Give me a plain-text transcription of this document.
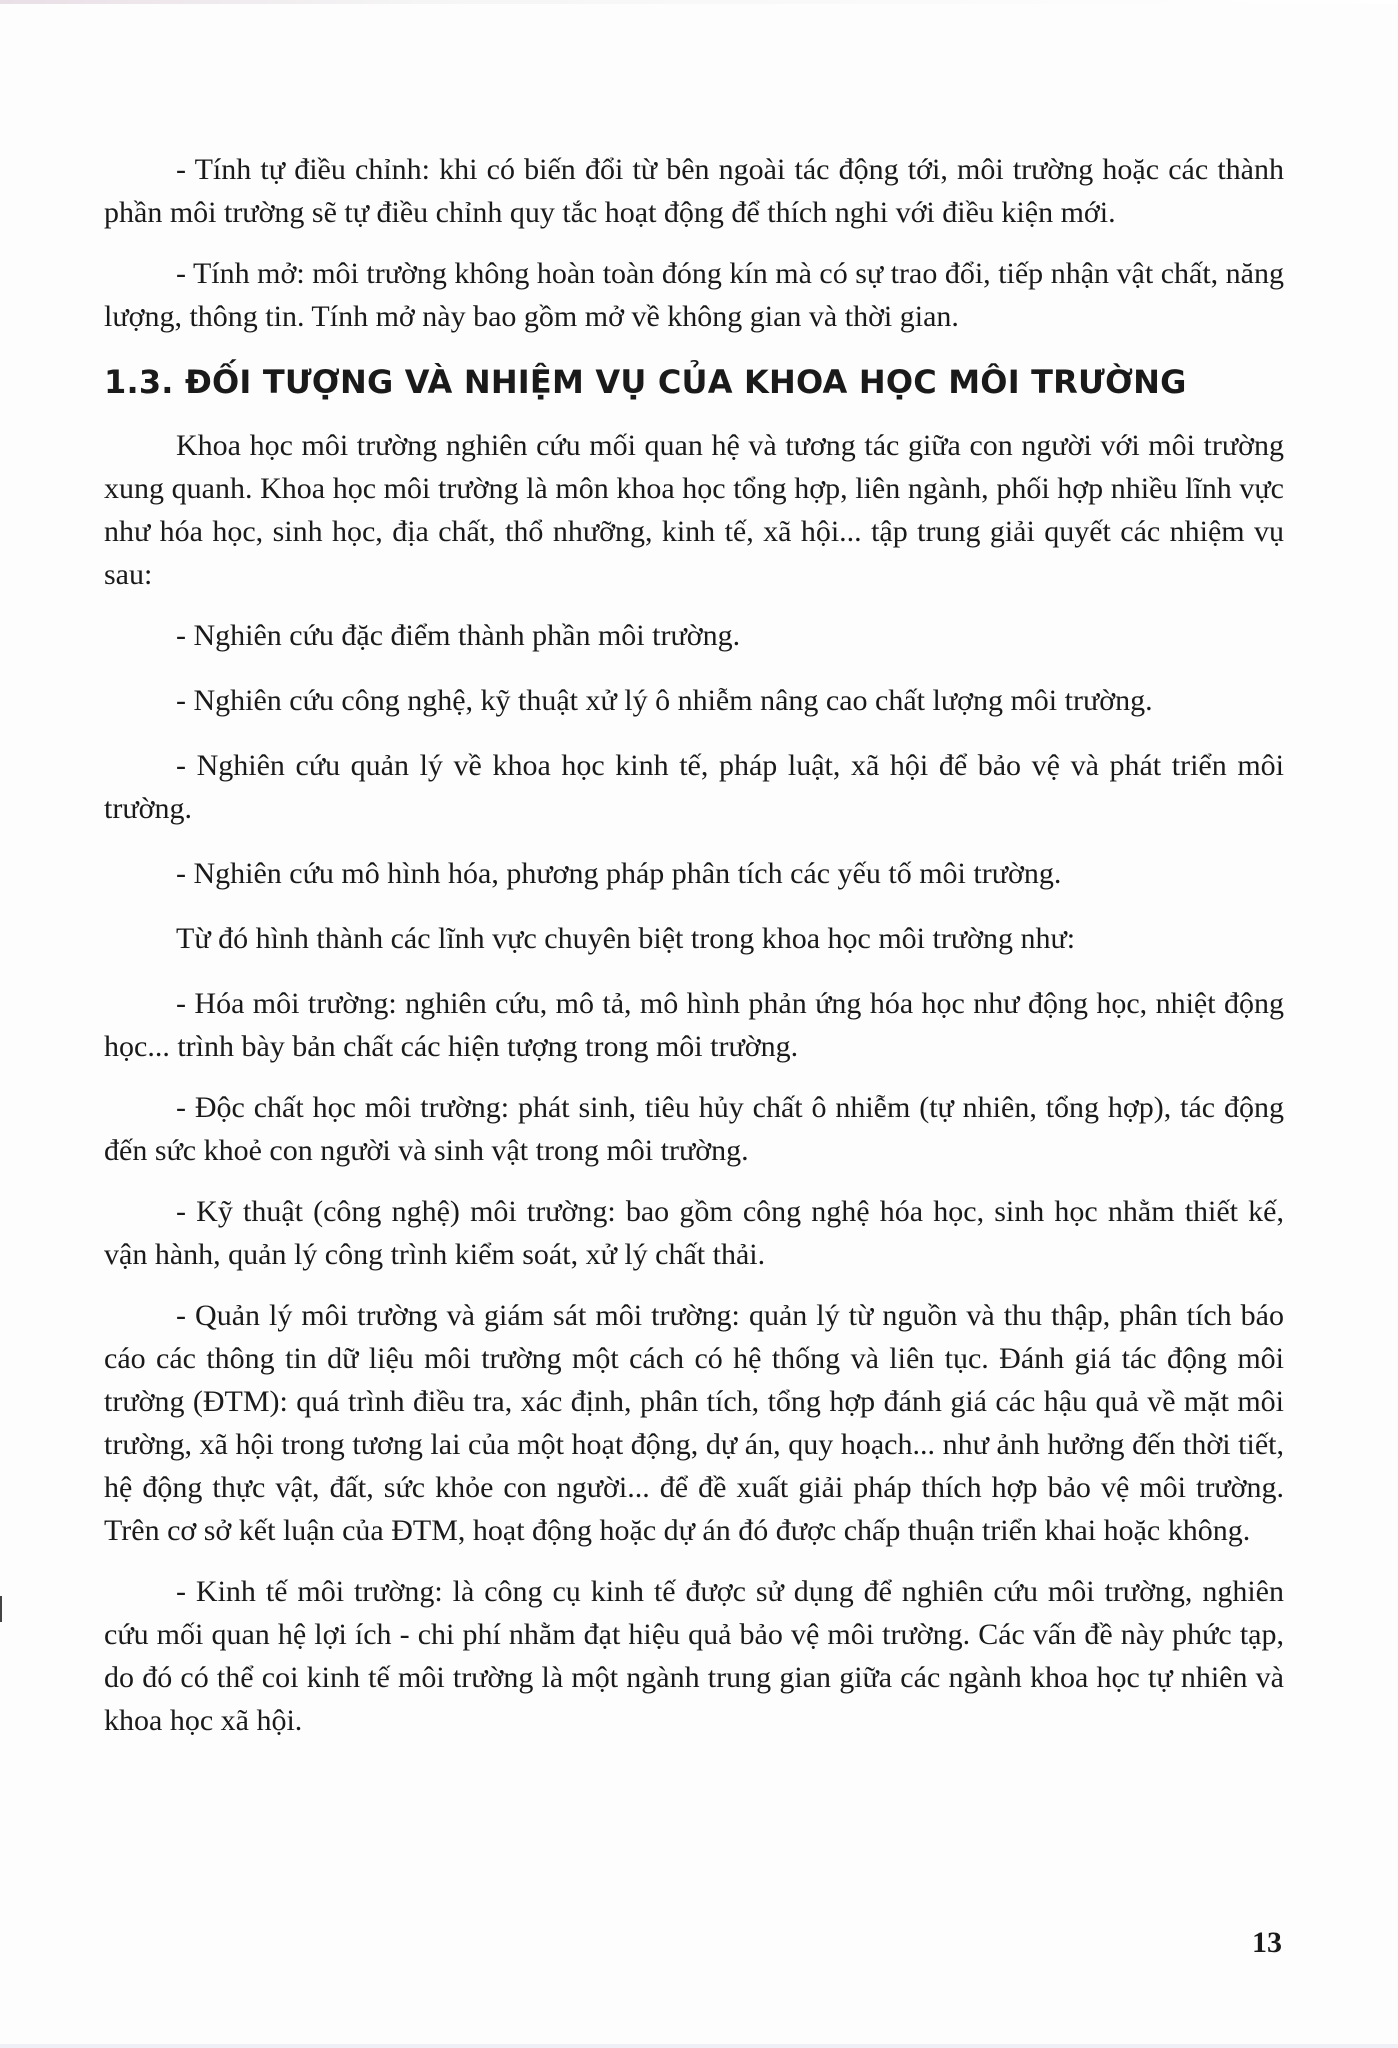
- Tính tự điều chỉnh: khi có biến đổi từ bên ngoài tác động tới, môi trường hoặc các thành phần môi trường sẽ tự điều chỉnh quy tắc hoạt động để thích nghi với điều kiện mới.

- Tính mở: môi trường không hoàn toàn đóng kín mà có sự trao đổi, tiếp nhận vật chất, năng lượng, thông tin. Tính mở này bao gồm mở về không gian và thời gian.

1.3. ĐỐI TƯỢNG VÀ NHIỆM VỤ CỦA KHOA HỌC MÔI TRƯỜNG

Khoa học môi trường nghiên cứu mối quan hệ và tương tác giữa con người với môi trường xung quanh. Khoa học môi trường là môn khoa học tổng hợp, liên ngành, phối hợp nhiều lĩnh vực như hóa học, sinh học, địa chất, thổ nhưỡng, kinh tế, xã hội... tập trung giải quyết các nhiệm vụ sau:

- Nghiên cứu đặc điểm thành phần môi trường.

- Nghiên cứu công nghệ, kỹ thuật xử lý ô nhiễm nâng cao chất lượng môi trường.

- Nghiên cứu quản lý về khoa học kinh tế, pháp luật, xã hội để bảo vệ và phát triển môi trường.

- Nghiên cứu mô hình hóa, phương pháp phân tích các yếu tố môi trường.

Từ đó hình thành các lĩnh vực chuyên biệt trong khoa học môi trường như:

- Hóa môi trường: nghiên cứu, mô tả, mô hình phản ứng hóa học như động học, nhiệt động học... trình bày bản chất các hiện tượng trong môi trường.

- Độc chất học môi trường: phát sinh, tiêu hủy chất ô nhiễm (tự nhiên, tổng hợp), tác động đến sức khoẻ con người và sinh vật trong môi trường.

- Kỹ thuật (công nghệ) môi trường: bao gồm công nghệ hóa học, sinh học nhằm thiết kế, vận hành, quản lý công trình kiểm soát, xử lý chất thải.

- Quản lý môi trường và giám sát môi trường: quản lý từ nguồn và thu thập, phân tích báo cáo các thông tin dữ liệu môi trường một cách có hệ thống và liên tục. Đánh giá tác động môi trường (ĐTM): quá trình điều tra, xác định, phân tích, tổng hợp đánh giá các hậu quả về mặt môi trường, xã hội trong tương lai của một hoạt động, dự án, quy hoạch... như ảnh hưởng đến thời tiết, hệ động thực vật, đất, sức khỏe con người... để đề xuất giải pháp thích hợp bảo vệ môi trường. Trên cơ sở kết luận của ĐTM, hoạt động hoặc dự án đó được chấp thuận triển khai hoặc không.

- Kinh tế môi trường: là công cụ kinh tế được sử dụng để nghiên cứu môi trường, nghiên cứu mối quan hệ lợi ích - chi phí nhằm đạt hiệu quả bảo vệ môi trường. Các vấn đề này phức tạp, do đó có thể coi kinh tế môi trường là một ngành trung gian giữa các ngành khoa học tự nhiên và khoa học xã hội.

13
